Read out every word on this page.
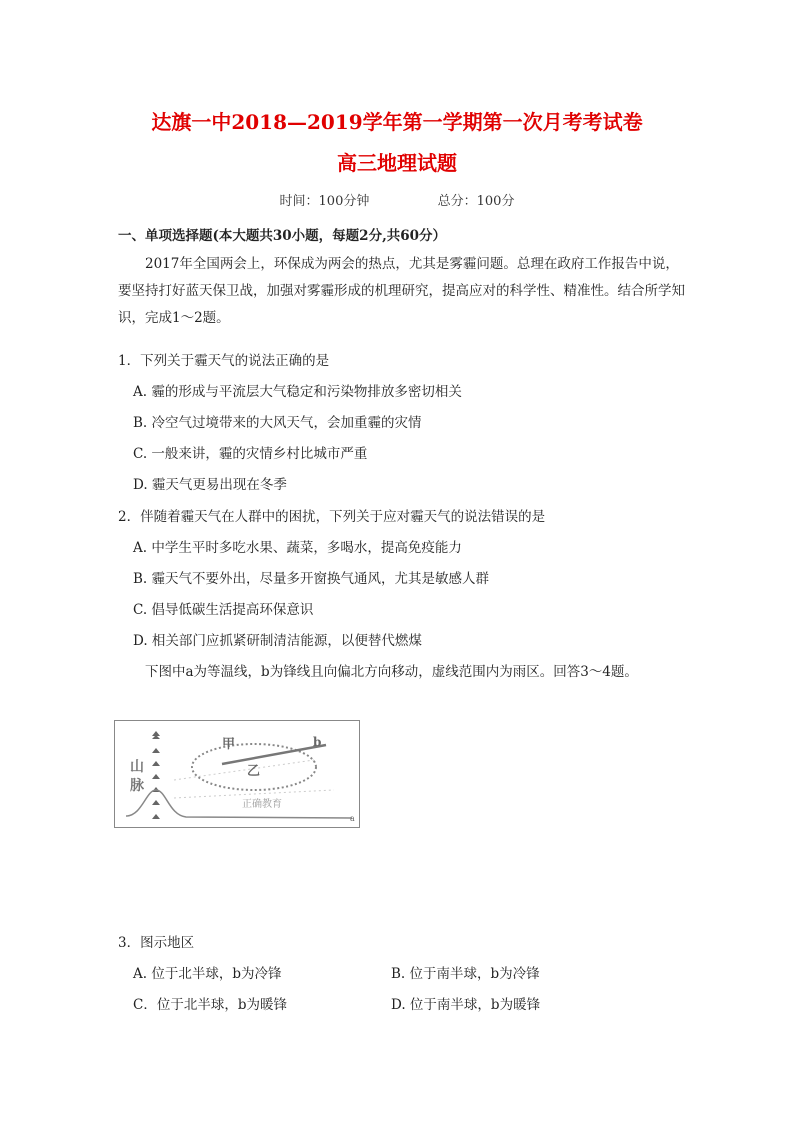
达旗一中2018—2019学年第一学期第一次月考考试卷
高三地理试题
时间：100分钟	总分：100分
一、单项选择题(本大题共30小题，每题2分,共60分）
2017年全国两会上，环保成为两会的热点，尤其是雾霾问题。总理在政府工作报告中说，要坚持打好蓝天保卫战，加强对雾霾形成的机理研究，提高应对的科学性、精准性。结合所学知识，完成1～2题。
1．下列关于霾天气的说法正确的是
A. 霾的形成与平流层大气稳定和污染物排放多密切相关
B. 冷空气过境带来的大风天气，会加重霾的灾情
C. 一般来讲，霾的灾情乡村比城市严重
D. 霾天气更易出现在冬季
2．伴随着霾天气在人群中的困扰，下列关于应对霾天气的说法错误的是
A. 中学生平时多吃水果、蔬菜，多喝水，提高免疫能力
B. 霾天气不要外出，尽量多开窗换气通风，尤其是敏感人群
C. 倡导低碳生活提高环保意识
D. 相关部门应抓紧研制清洁能源，以便替代燃煤
下图中a为等温线，b为锋线且向偏北方向移动，虚线范围内为雨区。回答3～4题。
甲	b
乙
山
脉
正确教育
a
3．图示地区
A. 位于北半球，b为冷锋	B. 位于南半球，b为冷锋
C．位于北半球，b为暖锋	D. 位于南半球，b为暖锋
